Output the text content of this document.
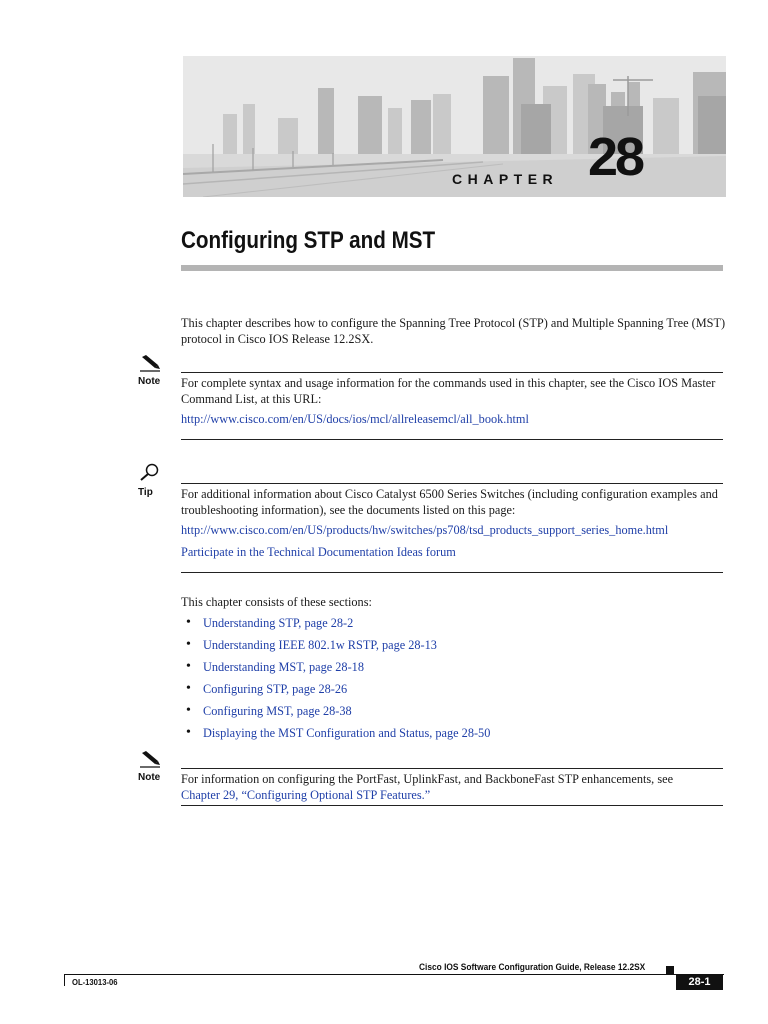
CHAPTER 28
Configuring STP and MST

This chapter describes how to configure the Spanning Tree Protocol (STP) and Multiple Spanning Tree (MST) protocol in Cisco IOS Release 12.2SX.

Note For complete syntax and usage information for the commands used in this chapter, see the Cisco IOS Master Command List, at this URL:

http://www.cisco.com/en/US/docs/ios/mcl/allreleasemcl/all_book.html
Tip For additional information about Cisco Catalyst 6500 Series Switches (including configuration examples and troubleshooting information), see the documents listed on this page:

http://www.cisco.com/en/US/products/hw/switches/ps708/tsd_products_support_series_home.html
Participate in the Technical Documentation Ideas forum

This chapter consists of these sections:

• Understanding STP, page 28-2
• Understanding IEEE 802.1w RSTP, page 28-13
• Understanding MST, page 28-18
• Configuring STP, page 28-26
• Configuring MST, page 28-38
• Displaying the MST Configuration and Status, page 28-50
Note For information on configuring the PortFast, UplinkFast, and BackboneFast STP enhancements, see
Chapter 29, “Configuring Optional STP Features.”

Cisco IOS Software Configuration Guide, Release 12.2SX
OL-13013-06	28-1
